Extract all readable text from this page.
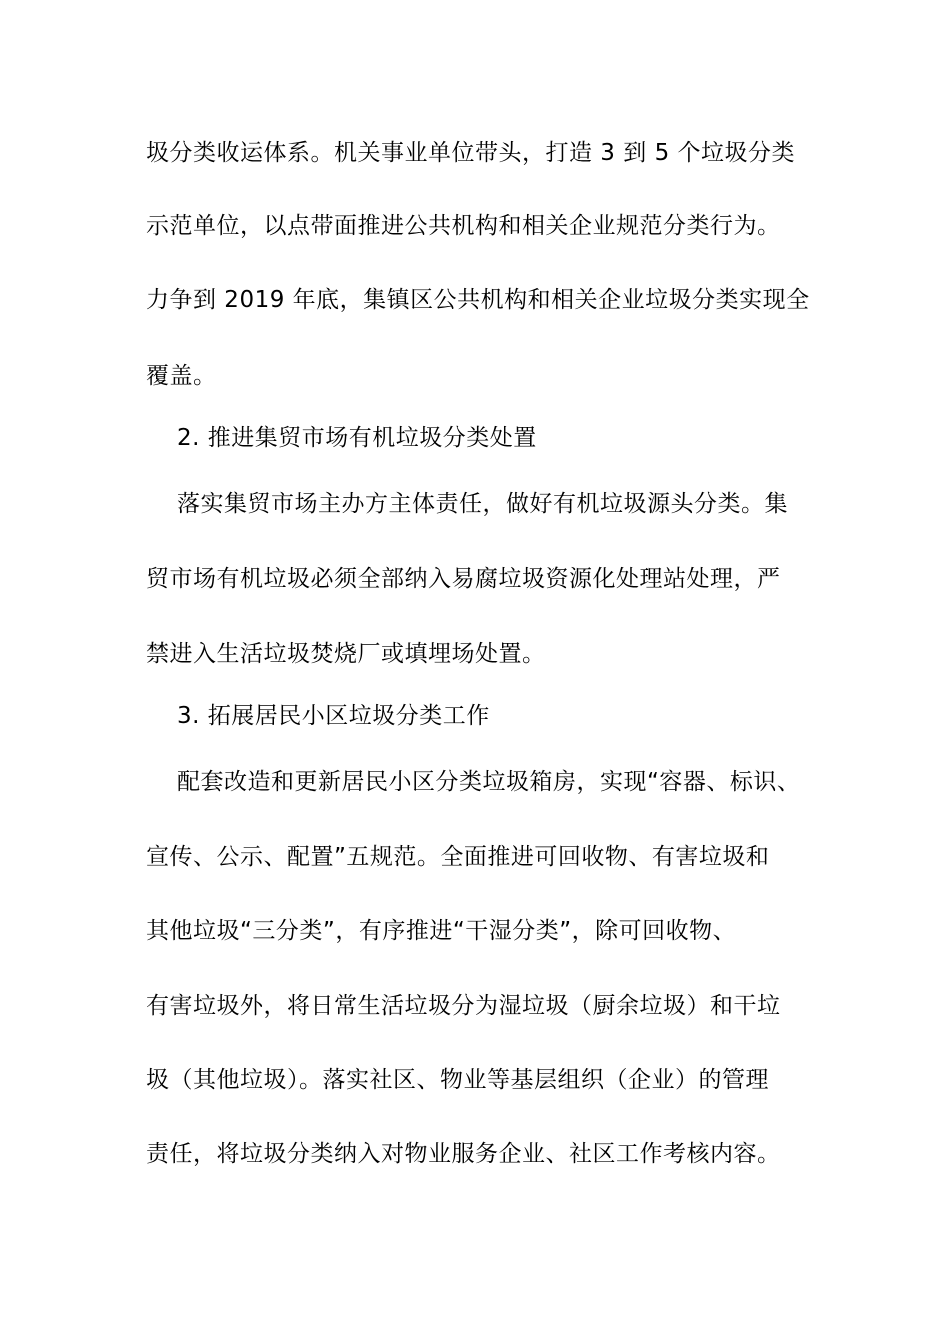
圾分类收运体系。机关事业单位带头，打造 3 到 5 个垃圾分类
示范单位，以点带面推进公共机构和相关企业规范分类行为。
力争到 2019 年底，集镇区公共机构和相关企业垃圾分类实现全
覆盖。
2. 推进集贸市场有机垃圾分类处置
落实集贸市场主办方主体责任，做好有机垃圾源头分类。集
贸市场有机垃圾必须全部纳入易腐垃圾资源化处理站处理，严
禁进入生活垃圾焚烧厂或填埋场处置。
3. 拓展居民小区垃圾分类工作
配套改造和更新居民小区分类垃圾箱房，实现“容器、标识、
宣传、公示、配置”五规范。全面推进可回收物、有害垃圾和
其他垃圾“三分类”，有序推进“干湿分类”，除可回收物、
有害垃圾外，将日常生活垃圾分为湿垃圾（厨余垃圾）和干垃
圾（其他垃圾）。落实社区、物业等基层组织（企业）的管理
责任，将垃圾分类纳入对物业服务企业、社区工作考核内容。
